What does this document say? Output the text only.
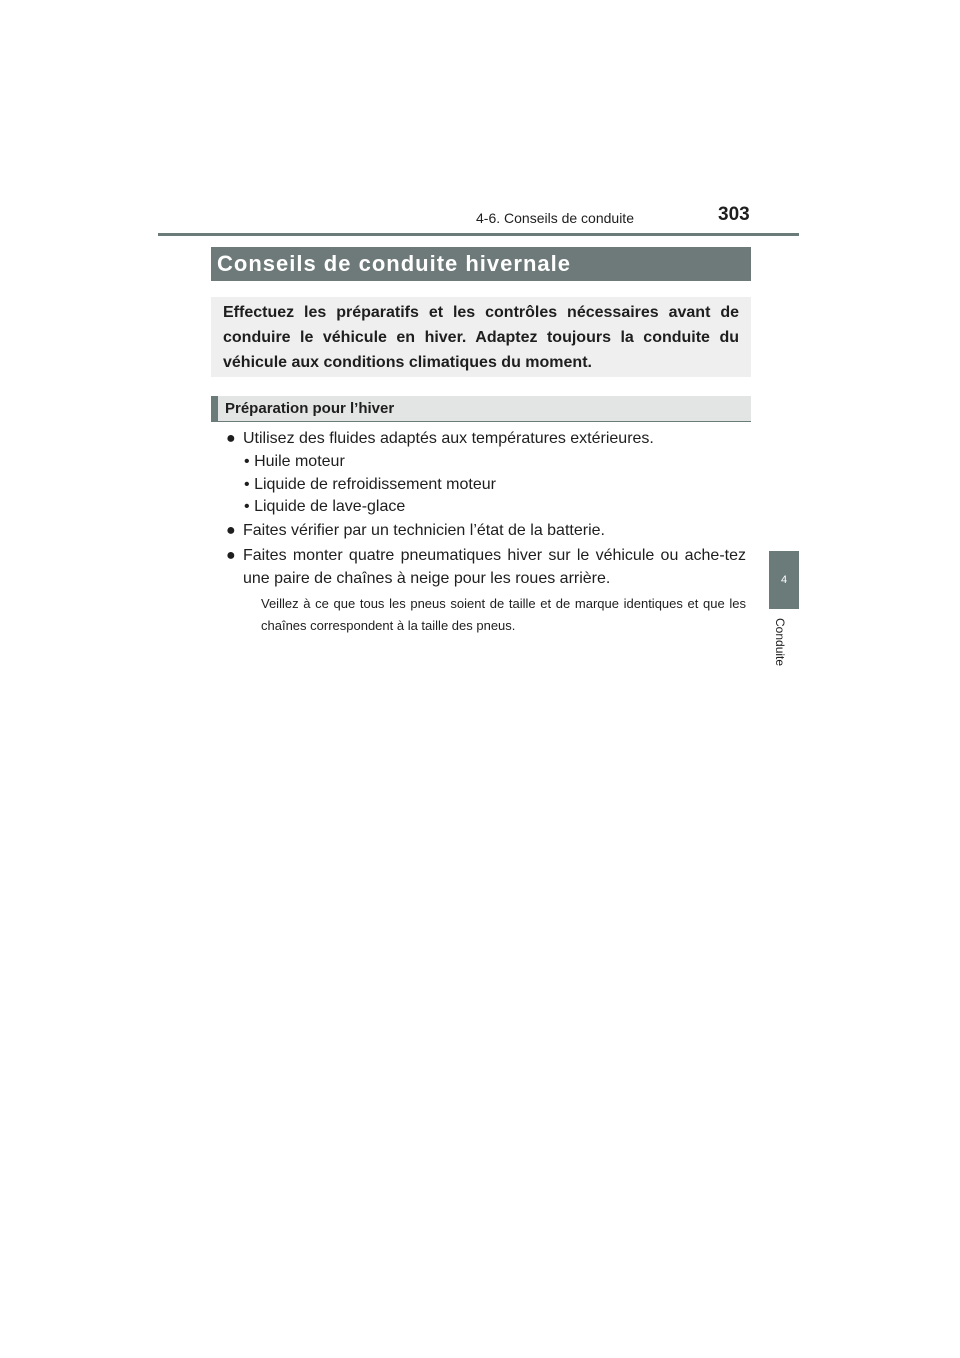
303
4-6. Conseils de conduite
4
Conduite
Conseils de conduite hivernale
Effectuez les préparatifs et les contrôles nécessaires avant de conduire le véhicule en hiver. Adaptez toujours la conduite du véhicule aux conditions climatiques du moment.
Préparation pour l’hiver
● Utilisez des fluides adaptés aux températures extérieures.
• Huile moteur
• Liquide de refroidissement moteur
• Liquide de lave-glace
● Faites vérifier par un technicien l’état de la batterie.
● Faites monter quatre pneumatiques hiver sur le véhicule ou ache-tez une paire de chaînes à neige pour les roues arrière.
Veillez à ce que tous les pneus soient de taille et de marque identiques et que les chaînes correspondent à la taille des pneus.
